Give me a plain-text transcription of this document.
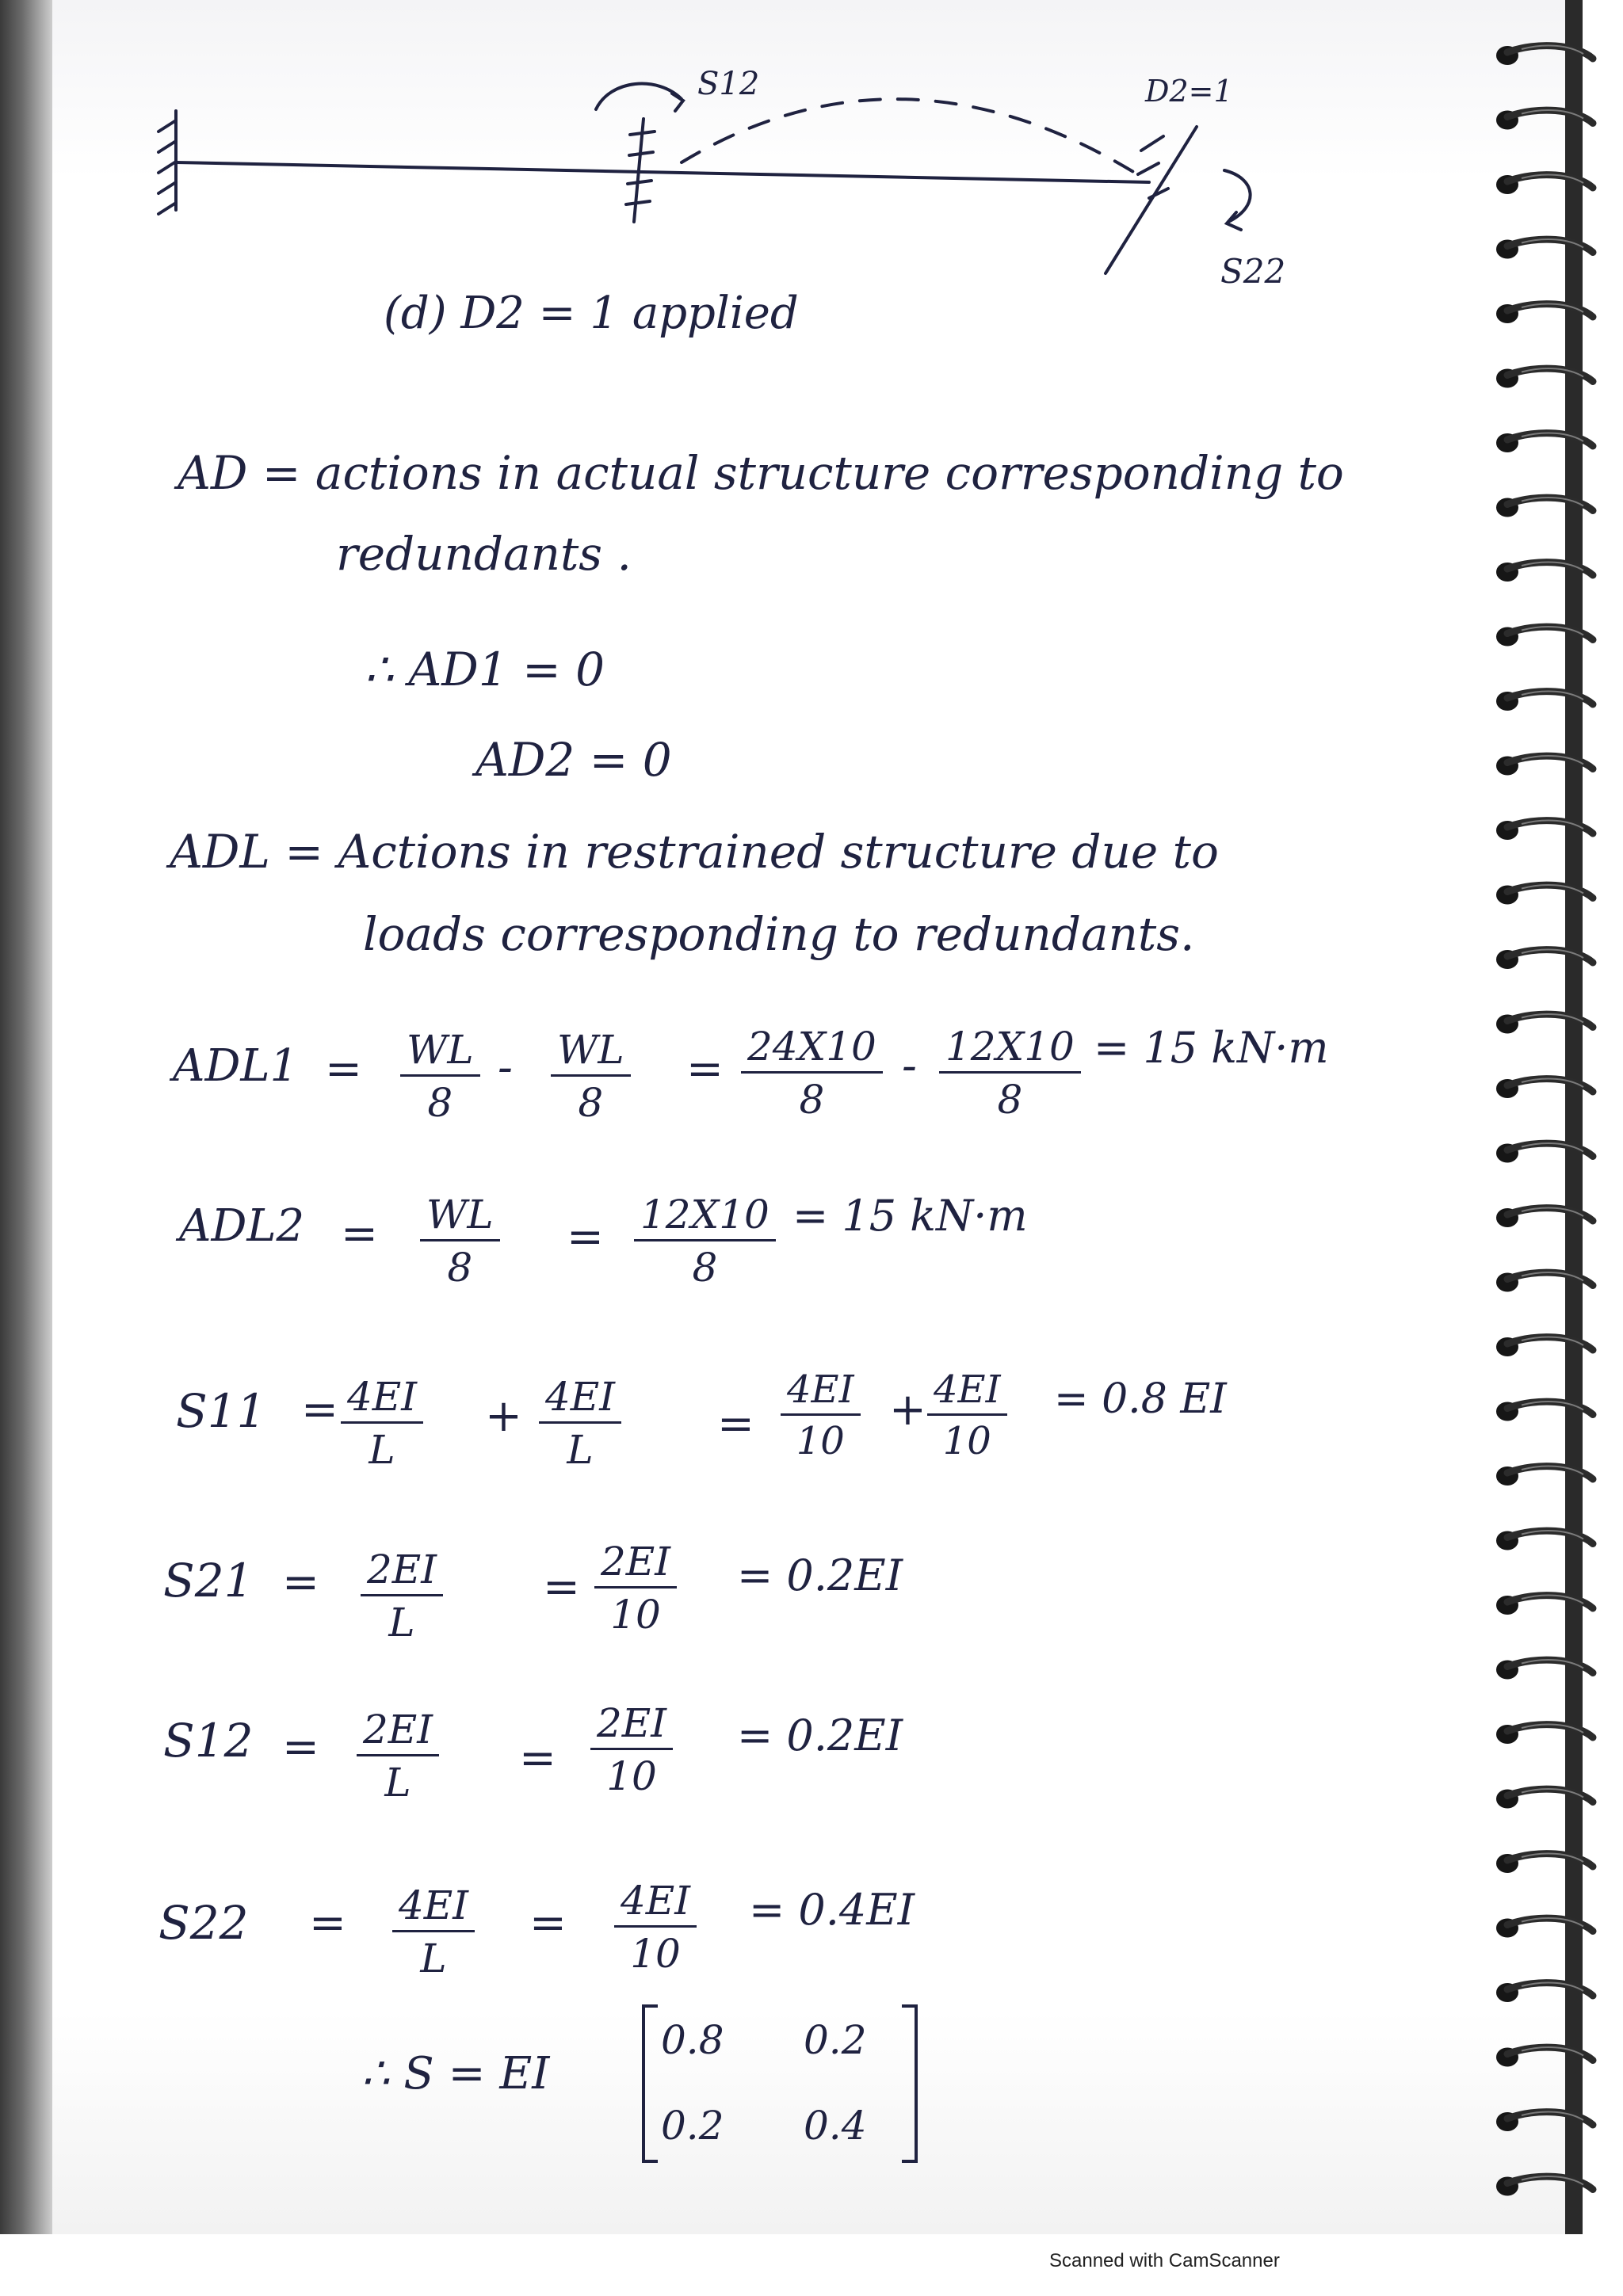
S12	D2=1
S22
(d) D2 = 1 applied
AD = actions in actual structure corresponding to
redundants .
∴ AD1 = 0
AD2 = 0
ADL = Actions in restrained structure due to
loads corresponding to redundants.
$ADL1 = \frac{WL}{8} - \frac{WL}{8} = \frac{24X10}{8} - \frac{12X10}{8} = 15$ kN·m
$ADL2 = \frac{WL}{8} = \frac{12X10}{8} = 15$ kN·m
$S11 = \frac{4EI}{L} + \frac{4EI}{L} = \frac{4EI}{10} + \frac{4EI}{10} = 0.8$ EI
$S21 = \frac{2EI}{L} = \frac{2EI}{10} = 0.2EI$
$S12 = \frac{2EI}{L} = \frac{2EI}{10} = 0.2EI$
$S22 = \frac{4EI}{L} = \frac{4EI}{10} = 0.4EI$
∴ S = EI
0.8 0.2
0.2 0.4
Scanned with CamScanner
